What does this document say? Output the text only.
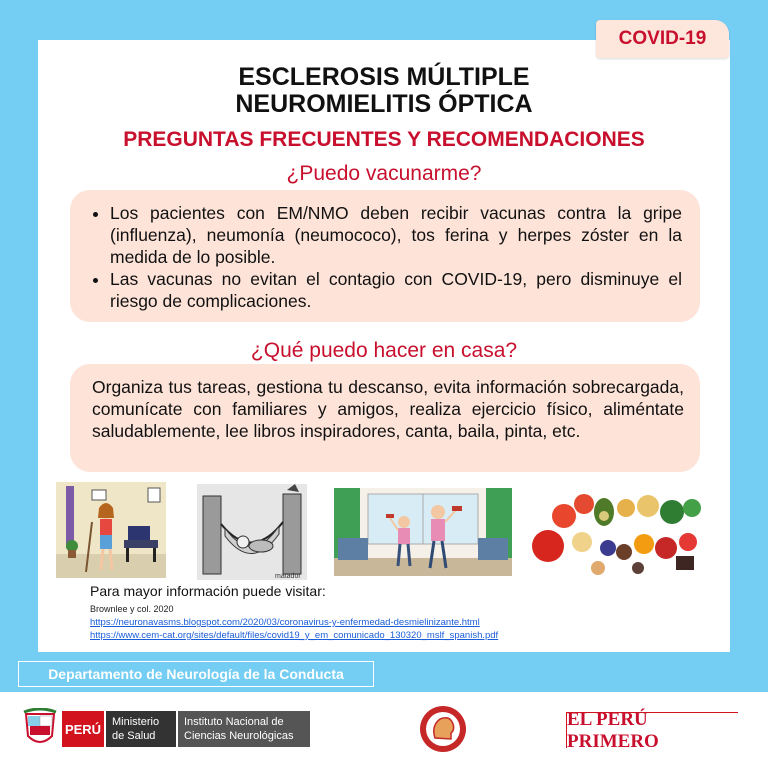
COVID-19
ESCLEROSIS MÚLTIPLE
NEUROMIELITIS ÓPTICA
PREGUNTAS FRECUENTES Y RECOMENDACIONES
¿Puedo vacunarme?
• Los pacientes con EM/NMO deben recibir vacunas contra la gripe (influenza), neumonía (neumococo), tos ferina y herpes zóster en la medida de lo posible.
• Las vacunas no evitan el contagio con COVID-19, pero disminuye el riesgo de complicaciones.
¿Qué puedo hacer en casa?
Organiza tus tareas, gestiona tu descanso, evita información sobrecargada, comunícate con familiares y amigos, realiza ejercicio físico, aliméntate saludablemente, lee libros inspiradores, canta, baila, pinta, etc.
matador
Para mayor información puede visitar:
Brownlee y col. 2020
https://neuronavasms.blogspot.com/2020/03/coronavirus-y-enfermedad-desmielinizante.html
https://www.cem-cat.org/sites/default/files/covid19_y_em_comunicado_130320_mslf_spanish.pdf
Departamento de Neurología de la Conducta
PERÚ Ministerio
de Salud
Instituto Nacional de
Ciencias Neurológicas
EL PERÚ PRIMERO
